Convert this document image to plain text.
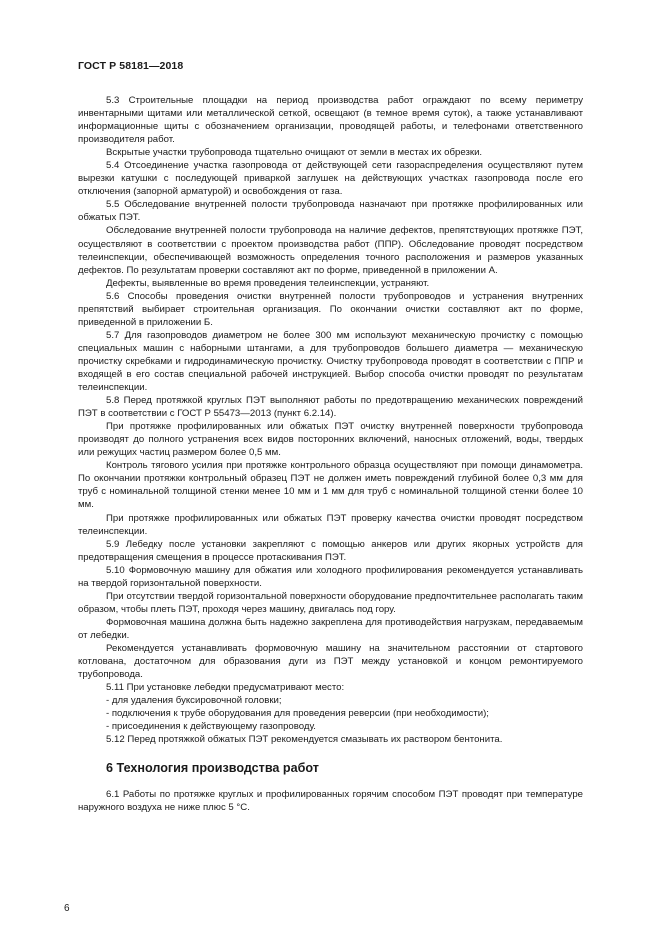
ГОСТ Р 58181—2018

5.3 Строительные площадки на период производства работ ограждают по всему периметру инвентарными щитами или металлической сеткой, освещают (в темное время суток), а также устанавливают информационные щиты с обозначением организации, проводящей работы, и телефонами ответственного производителя работ.

Вскрытые участки трубопровода тщательно очищают от земли в местах их обрезки.

5.4 Отсоединение участка газопровода от действующей сети газораспределения осуществляют путем вырезки катушки с последующей приваркой заглушек на действующих участках газопровода после его отключения (запорной арматурой) и освобождения от газа.

5.5 Обследование внутренней полости трубопровода назначают при протяжке профилированных или обжатых ПЭТ.

Обследование внутренней полости трубопровода на наличие дефектов, препятствующих протяжке ПЭТ, осуществляют в соответствии с проектом производства работ (ППР). Обследование проводят посредством телеинспекции, обеспечивающей возможность определения точного расположения и размеров указанных дефектов. По результатам проверки составляют акт по форме, приведенной в приложении А.

Дефекты, выявленные во время проведения телеинспекции, устраняют.

5.6 Способы проведения очистки внутренней полости трубопроводов и устранения внутренних препятствий выбирает строительная организация. По окончании очистки составляют акт по форме, приведенной в приложении Б.

5.7 Для газопроводов диаметром не более 300 мм используют механическую прочистку с помощью специальных машин с наборными штангами, а для трубопроводов большего диаметра — механическую прочистку скребками и гидродинамическую прочистку. Очистку трубопровода проводят в соответствии с ППР и входящей в его состав специальной рабочей инструкцией. Выбор способа очистки проводят по результатам телеинспекции.

5.8 Перед протяжкой круглых ПЭТ выполняют работы по предотвращению механических повреждений ПЭТ в соответствии с ГОСТ Р 55473—2013 (пункт 6.2.14).

При протяжке профилированных или обжатых ПЭТ очистку внутренней поверхности трубопровода производят до полного устранения всех видов посторонних включений, наносных отложений, воды, твердых или режущих частиц размером более 0,5 мм.

Контроль тягового усилия при протяжке контрольного образца осуществляют при помощи динамометра. По окончании протяжки контрольный образец ПЭТ не должен иметь повреждений глубиной более 0,3 мм для труб с номинальной толщиной стенки менее 10 мм и 1 мм для труб с номинальной толщиной стенки более 10 мм.

При протяжке профилированных или обжатых ПЭТ проверку качества очистки проводят посредством телеинспекции.

5.9 Лебедку после установки закрепляют с помощью анкеров или других якорных устройств для предотвращения смещения в процессе протаскивания ПЭТ.

5.10 Формовочную машину для обжатия или холодного профилирования рекомендуется устанавливать на твердой горизонтальной поверхности.

При отсутствии твердой горизонтальной поверхности оборудование предпочтительнее располагать таким образом, чтобы плеть ПЭТ, проходя через машину, двигалась под гору.

Формовочная машина должна быть надежно закреплена для противодействия нагрузкам, передаваемым от лебедки.

Рекомендуется устанавливать формовочную машину на значительном расстоянии от стартового котлована, достаточном для образования дуги из ПЭТ между установкой и концом ремонтируемого трубопровода.

5.11 При установке лебедки предусматривают место:

- для удаления буксировочной головки;
- подключения к трубе оборудования для проведения реверсии (при необходимости);
- присоединения к действующему газопроводу.

5.12 Перед протяжкой обжатых ПЭТ рекомендуется смазывать их раствором бентонита.

6 Технология производства работ

6.1 Работы по протяжке круглых и профилированных горячим способом ПЭТ проводят при температуре наружного воздуха не ниже плюс 5 °С.

6
